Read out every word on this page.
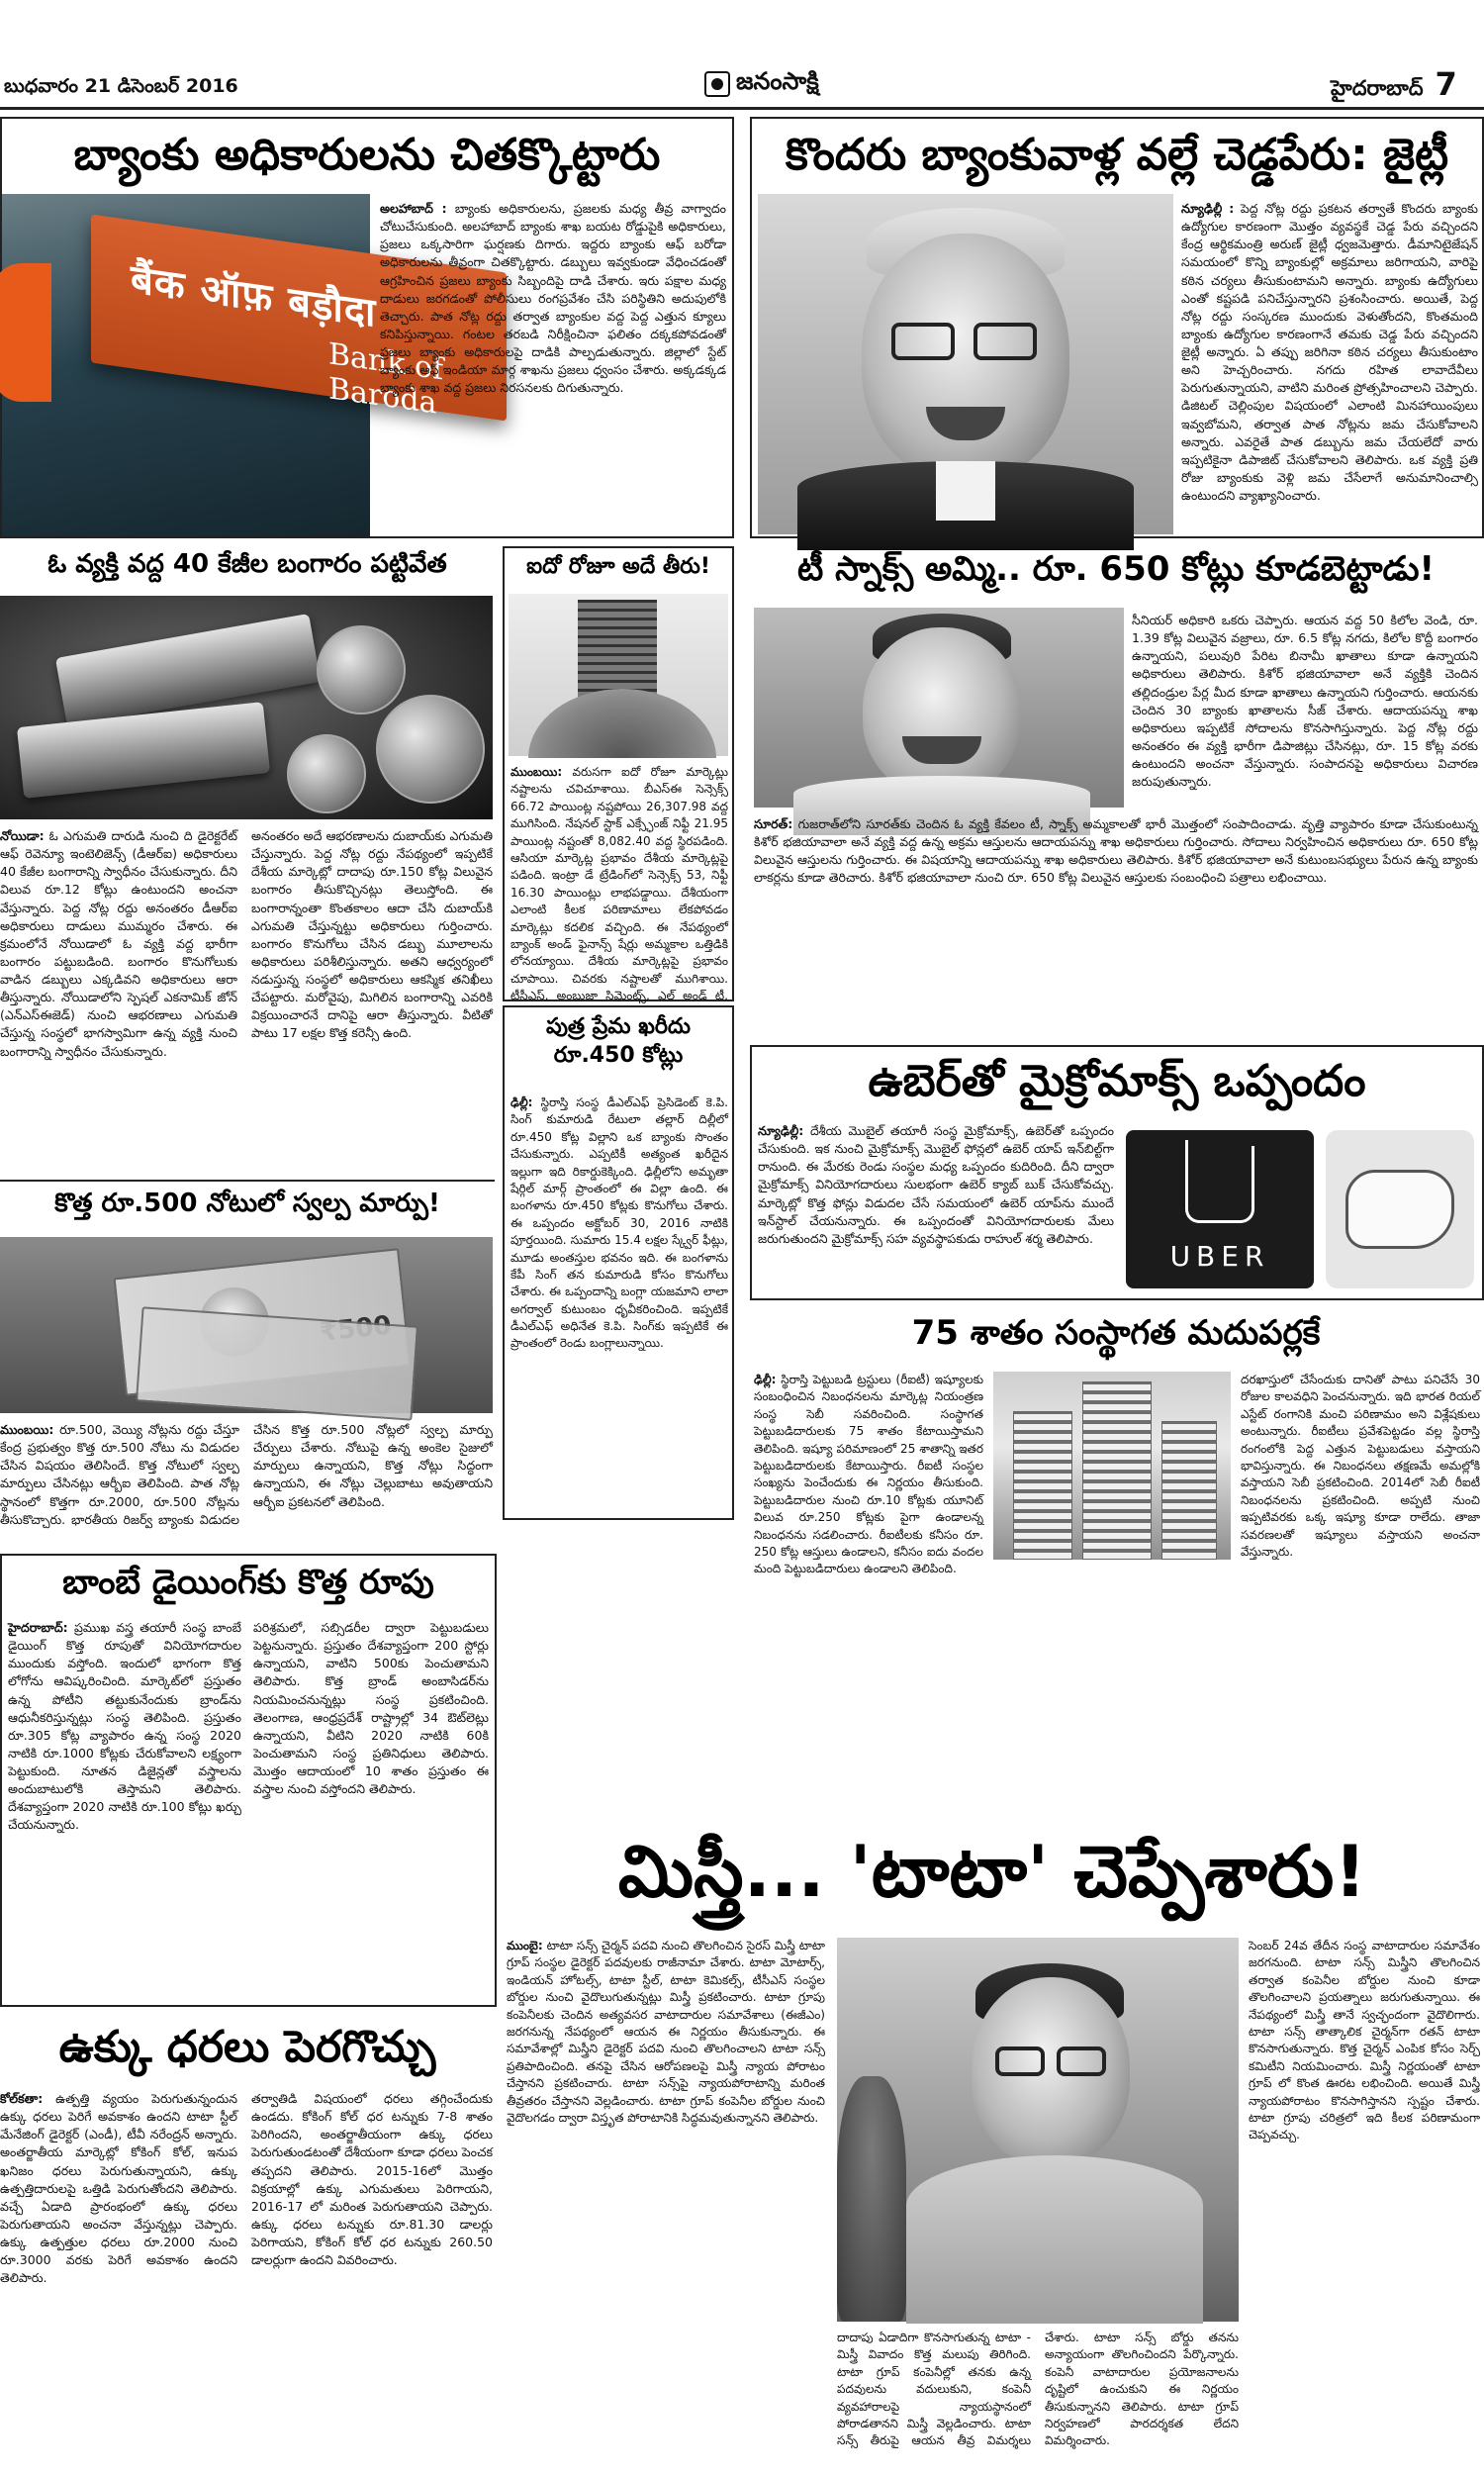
బుధవారం 21 డిసెంబర్ 2016	జనంసాక్షి	హైదరాబాద్ 7
బ్యాంకు అధికారులను చితక్కొట్టారు
बैंक ऑफ़ बड़ौदा
Bank of Baroda
అలహాబాద్ : బ్యాంకు అధికారులను, ప్రజలకు మధ్య తీవ్ర వాగ్వాదం చోటుచేసుకుంది. అలహాబాద్ బ్యాంకు శాఖ బయట రోడ్డుపైకి అధికారులు, ప్రజలు ఒక్కసారిగా ఘర్షణకు దిగారు. ఇద్దరు బ్యాంకు ఆఫ్ బరోడా అధికారులను తీవ్రంగా చితక్కొట్టారు. డబ్బులు ఇవ్వకుండా వేధించడంతో ఆగ్రహించిన ప్రజలు బ్యాంకు సిబ్బందిపై దాడి చేశారు. ఇరు పక్షాల మధ్య దాడులు జరగడంతో పోలీసులు రంగప్రవేశం చేసి పరిస్థితిని అదుపులోకి తెచ్చారు. పాత నోట్ల రద్దు తర్వాత బ్యాంకుల వద్ద పెద్ద ఎత్తున క్యూలు కనిపిస్తున్నాయి. గంటల తరబడి నిరీక్షించినా ఫలితం దక్కకపోవడంతో ప్రజలు బ్యాంకు అధికారులపై దాడికి పాల్పడుతున్నారు. జిల్లాలో స్టేట్ బ్యాంకు ఆఫ్ ఇండియా మార్గ శాఖను ప్రజలు ధ్వంసం చేశారు. అక్కడక్కడ బ్యాంకు శాఖ వద్ద ప్రజలు నిరసనలకు దిగుతున్నారు.
కొందరు బ్యాంకువాళ్ల వల్లే చెడ్డపేరు: జైట్లీ
న్యూఢిల్లీ : పెద్ద నోట్ల రద్దు ప్రకటన తర్వాతే కొందరు బ్యాంకు ఉద్యోగుల కారణంగా మొత్తం వ్యవస్థకే చెడ్డ పేరు వచ్చిందని కేంద్ర ఆర్థికమంత్రి అరుణ్ జైట్లీ ధ్వజమెత్తారు. డీమానిటైజేషన్ సమయంలో కొన్ని బ్యాంకుల్లో అక్రమాలు జరిగాయని, వారిపై కఠిన చర్యలు తీసుకుంటామని అన్నారు. బ్యాంకు ఉద్యోగులు ఎంతో కష్టపడి పనిచేస్తున్నారని ప్రశంసించారు. అయితే, పెద్ద నోట్ల రద్దు సంస్కరణ ముందుకు వెళుతోందని, కొంతమంది బ్యాంకు ఉద్యోగుల కారణంగానే తమకు చెడ్డ పేరు వచ్చిందని జైట్లీ అన్నారు. ఏ తప్పు జరిగినా కఠిన చర్యలు తీసుకుంటాం అని హెచ్చరించారు. నగదు రహిత లావాదేవీలు పెరుగుతున్నాయని, వాటిని మరింత ప్రోత్సహించాలని చెప్పారు. డిజిటల్ చెల్లింపుల విషయంలో ఎలాంటి మినహాయింపులు ఇవ్వబోమని, తర్వాత పాత నోట్లను జమ చేసుకోవాలని అన్నారు. ఎవరైతే పాత డబ్బును జమ చేయలేదో వారు ఇప్పటికైనా డిపాజిట్ చేసుకోవాలని తెలిపారు. ఒక వ్యక్తి ప్రతి రోజు బ్యాంకుకు వెళ్లి జమ చేసేలాగే అనుమానించాల్సి ఉంటుందని వ్యాఖ్యానించారు.
ఓ వ్యక్తి వద్ద 40 కేజీల బంగారం పట్టివేత
నోయిడా: ఓ ఎగుమతి దారుడి నుంచి ది డైరెక్టరేట్ ఆఫ్ రెవెన్యూ ఇంటెలిజెన్స్ (డీఆర్ఐ) అధికారులు 40 కేజీల బంగారాన్ని స్వాధీనం చేసుకున్నారు. దీని విలువ రూ.12 కోట్లు ఉంటుందని అంచనా వేస్తున్నారు. పెద్ద నోట్ల రద్దు అనంతరం డీఆర్ఐ అధికారులు దాడులు ముమ్మరం చేశారు. ఈ క్రమంలోనే నోయిడాలో ఓ వ్యక్తి వద్ద భారీగా బంగారం పట్టుబడింది. బంగారం కొనుగోలుకు వాడిన డబ్బులు ఎక్కడివని అధికారులు ఆరా తీస్తున్నారు. నోయిడాలోని స్పెషల్ ఎకనామిక్ జోన్ (ఎన్ఎస్ఈజెడ్) నుంచి ఆభరణాలు ఎగుమతి చేస్తున్న సంస్థలో భాగస్వామిగా ఉన్న వ్యక్తి నుంచి బంగారాన్ని స్వాధీనం చేసుకున్నారు.
అనంతరం అదే ఆభరణాలను దుబాయ్‌కు ఎగుమతి చేస్తున్నారు. పెద్ద నోట్ల రద్దు నేపథ్యంలో ఇప్పటికే దేశీయ మార్కెట్లో దాదాపు రూ.150 కోట్ల విలువైన బంగారం తీసుకొచ్చినట్లు తెలుస్తోంది. ఈ బంగారాన్నంతా కొంతకాలం ఆదా చేసి దుబాయ్‌కి ఎగుమతి చేస్తున్నట్టు అధికారులు గుర్తించారు. బంగారం కొనుగోలు చేసిన డబ్బు మూలాలను అధికారులు పరిశీలిస్తున్నారు. అతని ఆధ్వర్యంలో నడుస్తున్న సంస్థలో అధికారులు ఆకస్మిక తనిఖీలు చేపట్టారు. మరోవైపు, మిగిలిన బంగారాన్ని ఎవరికి విక్రయించారనే దానిపై ఆరా తీస్తున్నారు. వీటితో పాటు 17 లక్షల కొత్త కరెన్సీ ఉంది.
కొత్త రూ.500 నోటులో స్వల్ప మార్పు!
ముంబయి: రూ.500, వెయ్యి నోట్లను రద్దు చేస్తూ కేంద్ర ప్రభుత్వం కొత్త రూ.500 నోటు ను విడుదల చేసిన విషయం తెలిసిందే. కొత్త నోటులో స్వల్ప మార్పులు చేసినట్లు ఆర్బీఐ తెలిపింది. పాత నోట్ల స్థానంలో కొత్తగా రూ.2000, రూ.500 నోట్లను తీసుకొచ్చారు. భారతీయ రిజర్వ్ బ్యాంకు విడుదల చేసిన కొత్త రూ.500 నోట్లలో స్వల్ప మార్పు చేర్పులు చేశారు. నోటుపై ఉన్న అంకెల సైజులో మార్పులు ఉన్నాయని, కొత్త నోట్లు సిద్ధంగా ఉన్నాయని, ఈ నోట్లు చెల్లుబాటు అవుతాయని ఆర్బీఐ ప్రకటనలో తెలిపింది.
ఐదో రోజూ అదే తీరు!
ముంబయి: వరుసగా ఐదో రోజూ మార్కెట్లు నష్టాలను చవిచూశాయి. బీఎస్ఈ సెన్సెక్స్ 66.72 పాయింట్ల నష్టపోయి 26,307.98 వద్ద ముగిసింది. నేషనల్ స్టాక్ ఎక్స్ఛేంజ్ నిఫ్టీ 21.95 పాయింట్ల నష్టంతో 8,082.40 వద్ద స్థిరపడింది. ఆసియా మార్కెట్ల ప్రభావం దేశీయ మార్కెట్లపై పడింది. ఇంట్రా డే ట్రేడింగ్‌లో సెన్సెక్స్ 53, నిఫ్టీ 16.30 పాయింట్లు లాభపడ్డాయి. దేశీయంగా ఎలాంటి కీలక పరిణామాలు లేకపోవడం మార్కెట్లు కదలిక వచ్చింది. ఈ నేపథ్యంలో బ్యాంక్ అండ్ ఫైనాన్స్ షేర్లు అమ్మకాల ఒత్తిడికి లోనయ్యాయి. దేశీయ మార్కెట్లపై ప్రభావం చూపాయి. చివరకు నష్టాలతో ముగిశాయి. టీసీఎస్, అంబుజా సిమెంట్స్, ఎల్ అండ్ టీ,
పుత్ర ప్రేమ ఖరీదు రూ.450 కోట్లు
ఢిల్లీ: స్థిరాస్తి సంస్థ డీఎల్ఎఫ్ ప్రెసిడెంట్ కె.పి. సింగ్ కుమారుడి రేటులా తల్లార్ దిల్లీలో రూ.450 కోట్ల విల్లాని ఒక బ్యాంకు సొంతం చేసుకున్నారు. ఎప్పటికీ అత్యంత ఖరీదైన ఇల్లుగా ఇది రికార్డుకెక్కింది. ఢిల్లీలోని అమృతా షేర్గిల్ మార్గ్ ప్రాంతంలో ఈ విల్లా ఉంది. ఈ బంగళాను రూ.450 కోట్లకు కొనుగోలు చేశారు. ఈ ఒప్పందం అక్టోబర్ 30, 2016 నాటికి పూర్తయింది. సుమారు 15.4 లక్షల స్క్వేర్ ఫీట్లు, మూడు అంతస్తుల భవనం ఇది. ఈ బంగళాను కేపీ సింగ్ తన కుమారుడి కోసం కొనుగోలు చేశారు. ఈ ఒప్పందాన్ని బంగ్లా యజమాని లాలా అగర్వాల్ కుటుంబం ధృవీకరించింది. ఇప్పటికే డీఎల్ఎఫ్ అధినేత కె.పి. సింగ్‌కు ఇప్పటికే ఈ ప్రాంతంలో రెండు బంగ్లాలున్నాయి.
టీ స్నాక్స్ అమ్మి.. రూ. 650 కోట్లు కూడబెట్టాడు!
సీనియర్ అధికారి ఒకరు చెప్పారు. ఆయన వద్ద 50 కిలోల వెండి, రూ. 1.39 కోట్ల విలువైన వజ్రాలు, రూ. 6.5 కోట్ల నగదు, కిలోల కొద్దీ బంగారం ఉన్నాయని, పలువురి పేరిట బినామీ ఖాతాలు కూడా ఉన్నాయని అధికారులు తెలిపారు. కిశోర్ భజియావాలా అనే వ్యక్తికి చెందిన తల్లిదండ్రుల పేర్ల మీద కూడా ఖాతాలు ఉన్నాయని గుర్తించారు. ఆయనకు చెందిన 30 బ్యాంకు ఖాతాలను సీజ్ చేశారు. ఆదాయపన్ను శాఖ అధికారులు ఇప్పటికే సోదాలను కొనసాగిస్తున్నారు. పెద్ద నోట్ల రద్దు అనంతరం ఈ వ్యక్తి భారీగా డిపాజిట్లు చేసినట్లు, రూ. 15 కోట్ల వరకు ఉంటుందని అంచనా వేస్తున్నారు. సంపాదనపై అధికారులు విచారణ జరుపుతున్నారు.
సూరత్: గుజరాత్‌లోని సూరత్‌కు చెందిన ఓ వ్యక్తి కేవలం టీ, స్నాక్స్ అమ్మకాలతో భారీ మొత్తంలో సంపాదించాడు. వృత్తి వ్యాపారం కూడా చేసుకుంటున్న కిశోర్ భజియావాలా అనే వ్యక్తి వద్ద ఉన్న అక్రమ ఆస్తులను ఆదాయపన్ను శాఖ అధికారులు గుర్తించారు. సోదాలు నిర్వహించిన అధికారులు రూ. 650 కోట్ల విలువైన ఆస్తులను గుర్తించారు. ఈ విషయాన్ని ఆదాయపన్ను శాఖ అధికారులు తెలిపారు. కిశోర్ భజియావాలా అనే కుటుంబసభ్యులు పేరున ఉన్న బ్యాంకు లాకర్లను కూడా తెరిచారు. కిశోర్ భజియావాలా నుంచి రూ. 650 కోట్ల విలువైన ఆస్తులకు సంబంధించి పత్రాలు లభించాయి.
ఉబెర్‌తో మైక్రోమాక్స్ ఒప్పందం
న్యూఢిల్లీ: దేశీయ మొబైల్ తయారీ సంస్థ మైక్రోమాక్స్, ఉబెర్‌తో ఒప్పందం చేసుకుంది. ఇక నుంచి మైక్రోమాక్స్ మొబైల్ ఫోన్లలో ఉబెర్ యాప్ ఇన్‌బిల్ట్‌గా రానుంది. ఈ మేరకు రెండు సంస్థల మధ్య ఒప్పందం కుదిరింది. దీని ద్వారా మైక్రోమాక్స్ వినియోగదారులు సులభంగా ఉబెర్ క్యాబ్ బుక్ చేసుకోవచ్చు. మార్కెట్లో కొత్త ఫోన్లు విడుదల చేసే సమయంలో ఉబెర్ యాప్‌ను ముందే ఇన్‌స్టాల్ చేయనున్నారు. ఈ ఒప్పందంతో వినియోగదారులకు మేలు జరుగుతుందని మైక్రోమాక్స్ సహ వ్యవస్థాపకుడు రాహుల్ శర్మ తెలిపారు.
UBER
75 శాతం సంస్థాగత మదుపర్లకే
ఢిల్లీ: స్థిరాస్తి పెట్టుబడి ట్రస్టులు (రీఐటీ) ఇష్యూలకు సంబంధించిన నిబంధనలను మార్కెట్ల నియంత్రణ సంస్థ సెబీ సవరించింది. సంస్థాగత పెట్టుబడిదారులకు 75 శాతం కేటాయిస్తామని తెలిపింది. ఇష్యూ పరిమాణంలో 25 శాతాన్ని ఇతర పెట్టుబడిదారులకు కేటాయిస్తారు. రీఐటీ సంస్థల సంఖ్యను పెంచేందుకు ఈ నిర్ణయం తీసుకుంది. పెట్టుబడిదారుల నుంచి రూ.10 కోట్లకు యూనిట్ విలువ రూ.250 కోట్లకు పైగా ఉండాలన్న నిబంధనను సడలించారు. రీఐటీలకు కనీసం రూ. 250 కోట్ల ఆస్తులు ఉండాలని, కనీసం ఐదు వందల మంది పెట్టుబడిదారులు ఉండాలని తెలిపింది.
దరఖాస్తులో చేసేందుకు దానితో పాటు పనిచేసే 30 రోజుల కాలవధిని పెంచనున్నారు. ఇది భారత రియల్ ఎస్టేట్ రంగానికి మంచి పరిణామం అని విశ్లేషకులు అంటున్నారు. రీఐటీలు ప్రవేశపెట్టడం వల్ల స్థిరాస్తి రంగంలోకి పెద్ద ఎత్తున పెట్టుబడులు వస్తాయని భావిస్తున్నారు. ఈ నిబంధనలు తక్షణమే అమల్లోకి వస్తాయని సెబీ ప్రకటించింది. 2014లో సెబీ రీఐటీ నిబంధనలను ప్రకటించింది. అప్పటి నుంచి ఇప్పటివరకు ఒక్క ఇష్యూ కూడా రాలేదు. తాజా సవరణలతో ఇష్యూలు వస్తాయని అంచనా వేస్తున్నారు.
బాంబే డైయింగ్‌కు కొత్త రూపు
హైదరాబాద్: ప్రముఖ వస్త్ర తయారీ సంస్థ బాంబే డైయింగ్ కొత్త రూపుతో వినియోగదారుల ముందుకు వస్తోంది. ఇందులో భాగంగా కొత్త లోగోను ఆవిష్కరించింది. మార్కెట్‌లో ప్రస్తుతం ఉన్న పోటీని తట్టుకునేందుకు బ్రాండ్‌ను ఆధునీకరిస్తున్నట్లు సంస్థ తెలిపింది. ప్రస్తుతం రూ.305 కోట్ల వ్యాపారం ఉన్న సంస్థ 2020 నాటికి రూ.1000 కోట్లకు చేరుకోవాలని లక్ష్యంగా పెట్టుకుంది. నూతన డిజైన్లతో వస్త్రాలను అందుబాటులోకి తెస్తామని తెలిపారు. దేశవ్యాప్తంగా 2020 నాటికి రూ.100 కోట్లు ఖర్చు చేయనున్నారు.
పరిశ్రమలో, సబ్సిడరీల ద్వారా పెట్టుబడులు పెట్టనున్నారు. ప్రస్తుతం దేశవ్యాప్తంగా 200 స్టోర్లు ఉన్నాయని, వాటిని 500కు పెంచుతామని తెలిపారు. కొత్త బ్రాండ్ అంబాసిడర్‌ను నియమించనున్నట్లు సంస్థ ప్రకటించింది. తెలంగాణ, ఆంధ్రప్రదేశ్ రాష్ట్రాల్లో 34 ఔట్‌లెట్లు ఉన్నాయని, వీటిని 2020 నాటికి 60కి పెంచుతామని సంస్థ ప్రతినిధులు తెలిపారు. మొత్తం ఆదాయంలో 10 శాతం ప్రస్తుతం ఈ వస్త్రాల నుంచి వస్తోందని తెలిపారు.
ఉక్కు ధరలు పెరగొచ్చు
కోల్‌కతా: ఉత్పత్తి వ్యయం పెరుగుతున్నందున ఉక్కు ధరలు పెరిగే అవకాశం ఉందని టాటా స్టీల్ మేనేజింగ్ డైరెక్టర్ (ఎండీ), టీవీ నరేంద్రన్ అన్నారు. అంతర్జాతీయ మార్కెట్లో కోకింగ్ కోల్, ఇనుప ఖనిజం ధరలు పెరుగుతున్నాయని, ఉక్కు ఉత్పత్తిదారులపై ఒత్తిడి పెరుగుతోందని తెలిపారు. వచ్చే ఏడాది ప్రారంభంలో ఉక్కు ధరలు పెరుగుతాయని అంచనా వేస్తున్నట్లు చెప్పారు. ఉక్కు ఉత్పత్తుల ధరలు రూ.2000 నుంచి రూ.3000 వరకు పెరిగే అవకాశం ఉందని తెలిపారు.
తర్వాతిడి విషయంలో ధరలు తగ్గించేందుకు ఉండదు. కోకింగ్ కోల్ ధర టన్నుకు 7-8 శాతం పెరిగిందని, అంతర్జాతీయంగా ఉక్కు ధరలు పెరుగుతుండటంతో దేశీయంగా కూడా ధరలు పెంచక తప్పదని తెలిపారు. 2015-16లో మొత్తం విక్రయాల్లో ఉక్కు ఎగుమతులు పెరిగాయని, 2016-17 లో మరింత పెరుగుతాయని చెప్పారు. ఉక్కు ధరలు టన్నుకు రూ.81.30 డాలర్లు పెరిగాయని, కోకింగ్ కోల్ ధర టన్నుకు 260.50 డాలర్లుగా ఉందని వివరించారు.
మిస్త్రీ... 'టాటా' చెప్పేశారు!
ముంబై: టాటా సన్స్ చైర్మన్ పదవి నుంచి తొలగించిన సైరస్ మిస్త్రీ టాటా గ్రూప్ సంస్థల డైరెక్టర్ పదవులకు రాజీనామా చేశారు. టాటా మోటార్స్, ఇండియన్ హోటల్స్, టాటా స్టీల్, టాటా కెమికల్స్, టీసీఎస్ సంస్థల బోర్డుల నుంచి వైదొలుగుతున్నట్లు మిస్త్రీ ప్రకటించారు. టాటా గ్రూపు కంపెనీలకు చెందిన అత్యవసర వాటాదారుల సమావేశాలు (ఈజీఎం) జరగనున్న నేపథ్యంలో ఆయన ఈ నిర్ణయం తీసుకున్నారు. ఈ సమావేశాల్లో మిస్త్రీని డైరెక్టర్ పదవి నుంచి తొలగించాలని టాటా సన్స్ ప్రతిపాదించింది. తనపై చేసిన ఆరోపణలపై మిస్త్రీ న్యాయ పోరాటం చేస్తానని ప్రకటించారు. టాటా సన్స్‌పై న్యాయపోరాటాన్ని మరింత తీవ్రతరం చేస్తానని వెల్లడించారు. టాటా గ్రూప్ కంపెనీల బోర్డుల నుంచి వైదొలగడం ద్వారా విస్తృత పోరాటానికి సిద్ధమవుతున్నానని తెలిపారు.
దాదాపు ఏడాదిగా కొనసాగుతున్న టాటా - మిస్త్రీ వివాదం కొత్త మలుపు తిరిగింది. టాటా గ్రూప్ కంపెనీల్లో తనకు ఉన్న పదవులను వదులుకుని, కంపెనీ వ్యవహారాలపై న్యాయస్థానంలో పోరాడతానని మిస్త్రీ వెల్లడించారు. టాటా సన్స్ తీరుపై ఆయన తీవ్ర విమర్శలు చేశారు. టాటా సన్స్ బోర్డు తనను అన్యాయంగా తొలగించిందని పేర్కొన్నారు. కంపెనీ వాటాదారుల ప్రయోజనాలను దృష్టిలో ఉంచుకుని ఈ నిర్ణయం తీసుకున్నానని తెలిపారు. టాటా గ్రూప్ నిర్వహణలో పారదర్శకత లేదని విమర్శించారు.
సెంబర్ 24వ తేదీన సంస్థ వాటాదారుల సమావేశం జరగనుంది. టాటా సన్స్ మిస్త్రీని తొలగించిన తర్వాత కంపెనీల బోర్డుల నుంచి కూడా తొలగించాలని ప్రయత్నాలు జరుగుతున్నాయి. ఈ నేపథ్యంలో మిస్త్రీ తానే స్వచ్ఛందంగా వైదొలిగారు. టాటా సన్స్ తాత్కాలిక చైర్మన్‌గా రతన్ టాటా కొనసాగుతున్నారు. కొత్త చైర్మన్ ఎంపిక కోసం సెర్చ్ కమిటీని నియమించారు. మిస్త్రీ నిర్ణయంతో టాటా గ్రూప్ లో కొంత ఊరట లభించింది. అయితే మిస్త్రీ న్యాయపోరాటం కొనసాగిస్తానని స్పష్టం చేశారు. టాటా గ్రూపు చరిత్రలో ఇది కీలక పరిణామంగా చెప్పవచ్చు.
